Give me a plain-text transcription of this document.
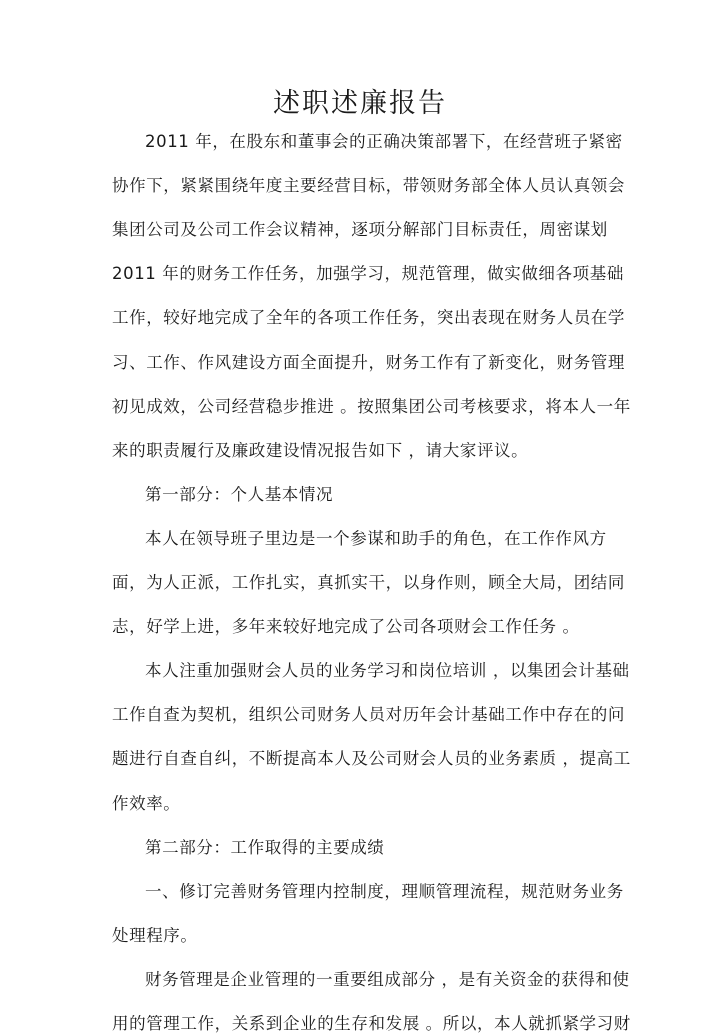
述职述廉报告
2011 年，在股东和董事会的正确决策部署下，在经营班子紧密
协作下，紧紧围绕年度主要经营目标，带领财务部全体人员认真领会
集团公司及公司工作会议精神，逐项分解部门目标责任，周密谋划
2011 年的财务工作任务，加强学习，规范管理，做实做细各项基础
工作，较好地完成了全年的各项工作任务，突出表现在财务人员在学
习、工作、作风建设方面全面提升，财务工作有了新变化，财务管理
初见成效，公司经营稳步推进 。按照集团公司考核要求，将本人一年
来的职责履行及廉政建设情况报告如下 ，请大家评议。
第一部分：个人基本情况
本人在领导班子里边是一个参谋和助手的角色，在工作作风方
面，为人正派，工作扎实，真抓实干，以身作则，顾全大局，团结同
志，好学上进，多年来较好地完成了公司各项财会工作任务 。
本人注重加强财会人员的业务学习和岗位培训 ，以集团会计基础
工作自查为契机，组织公司财务人员对历年会计基础工作中存在的问
题进行自查自纠，不断提高本人及公司财会人员的业务素质 ，提高工
作效率。
第二部分：工作取得的主要成绩
一、修订完善财务管理内控制度，理顺管理流程，规范财务业务
处理程序。
财务管理是企业管理的一重要组成部分 ，是有关资金的获得和使
用的管理工作，关系到企业的生存和发展 。所以，本人就抓紧学习财
